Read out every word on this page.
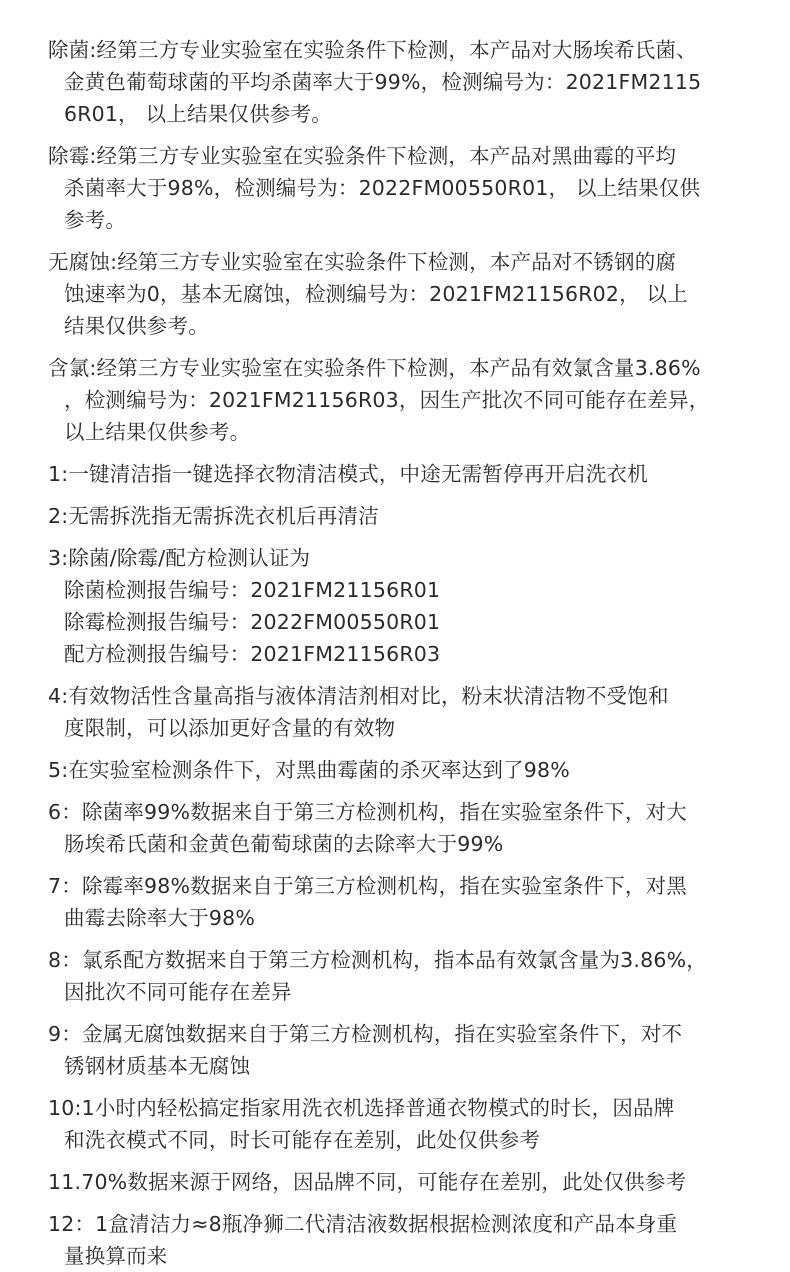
除菌:经第三方专业实验室在实验条件下检测，本产品对大肠埃希氏菌、
金黄色葡萄球菌的平均杀菌率大于99%，检测编号为：2021FM2115
6R01， 以上结果仅供参考。
除霉:经第三方专业实验室在实验条件下检测，本产品对黑曲霉的平均
杀菌率大于98%，检测编号为：2022FM00550R01， 以上结果仅供
参考。
无腐蚀:经第三方专业实验室在实验条件下检测，本产品对不锈钢的腐
蚀速率为0，基本无腐蚀，检测编号为：2021FM21156R02， 以上
结果仅供参考。
含氯:经第三方专业实验室在实验条件下检测，本产品有效氯含量3.86%
，检测编号为：2021FM21156R03，因生产批次不同可能存在差异，
以上结果仅供参考。
1:一键清洁指一键选择衣物清洁模式，中途无需暂停再开启洗衣机
2:无需拆洗指无需拆洗衣机后再清洁
3:除菌/除霉/配方检测认证为
除菌检测报告编号：2021FM21156R01
除霉检测报告编号：2022FM00550R01
配方检测报告编号：2021FM21156R03
4:有效物活性含量高指与液体清洁剂相对比，粉末状清洁物不受饱和
度限制，可以添加更好含量的有效物
5:在实验室检测条件下，对黑曲霉菌的杀灭率达到了98%
6：除菌率99%数据来自于第三方检测机构，指在实验室条件下，对大
肠埃希氏菌和金黄色葡萄球菌的去除率大于99%
7：除霉率98%数据来自于第三方检测机构，指在实验室条件下，对黑
曲霉去除率大于98%
8：氯系配方数据来自于第三方检测机构，指本品有效氯含量为3.86%，
因批次不同可能存在差异
9：金属无腐蚀数据来自于第三方检测机构，指在实验室条件下，对不
锈钢材质基本无腐蚀
10:1小时内轻松搞定指家用洗衣机选择普通衣物模式的时长，因品牌
和洗衣模式不同，时长可能存在差别，此处仅供参考
11.70%数据来源于网络，因品牌不同，可能存在差别，此处仅供参考
12：1盒清洁力≈8瓶净狮二代清洁液数据根据检测浓度和产品本身重
量换算而来
